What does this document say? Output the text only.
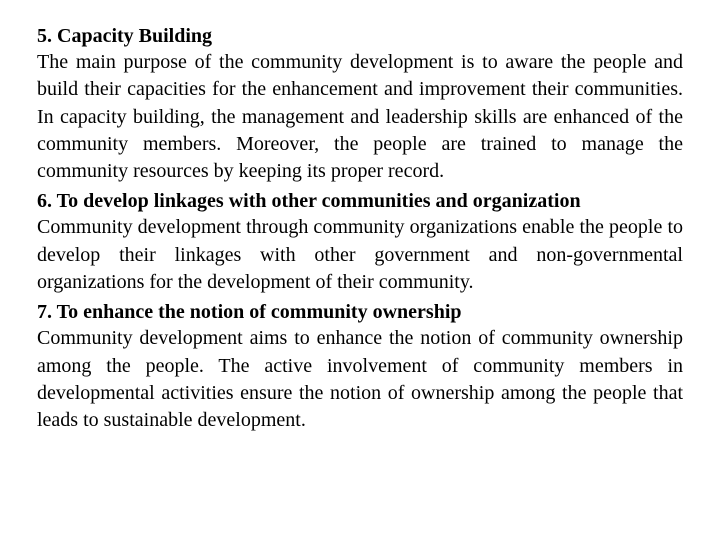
5. Capacity Building

The main purpose of the community development is to aware the people and build their capacities for the enhancement and improvement their communities. In capacity building, the management and leadership skills are enhanced of the community members. Moreover, the people are trained to manage the community resources by keeping its proper record.

6. To develop linkages with other communities and organization

Community development through community organizations enable the people to develop their linkages with other government and non-governmental organizations for the development of their community.

7. To enhance the notion of community ownership

Community development aims to enhance the notion of community ownership among the people. The active involvement of community members in developmental activities ensure the notion of ownership among the people that leads to sustainable development.
